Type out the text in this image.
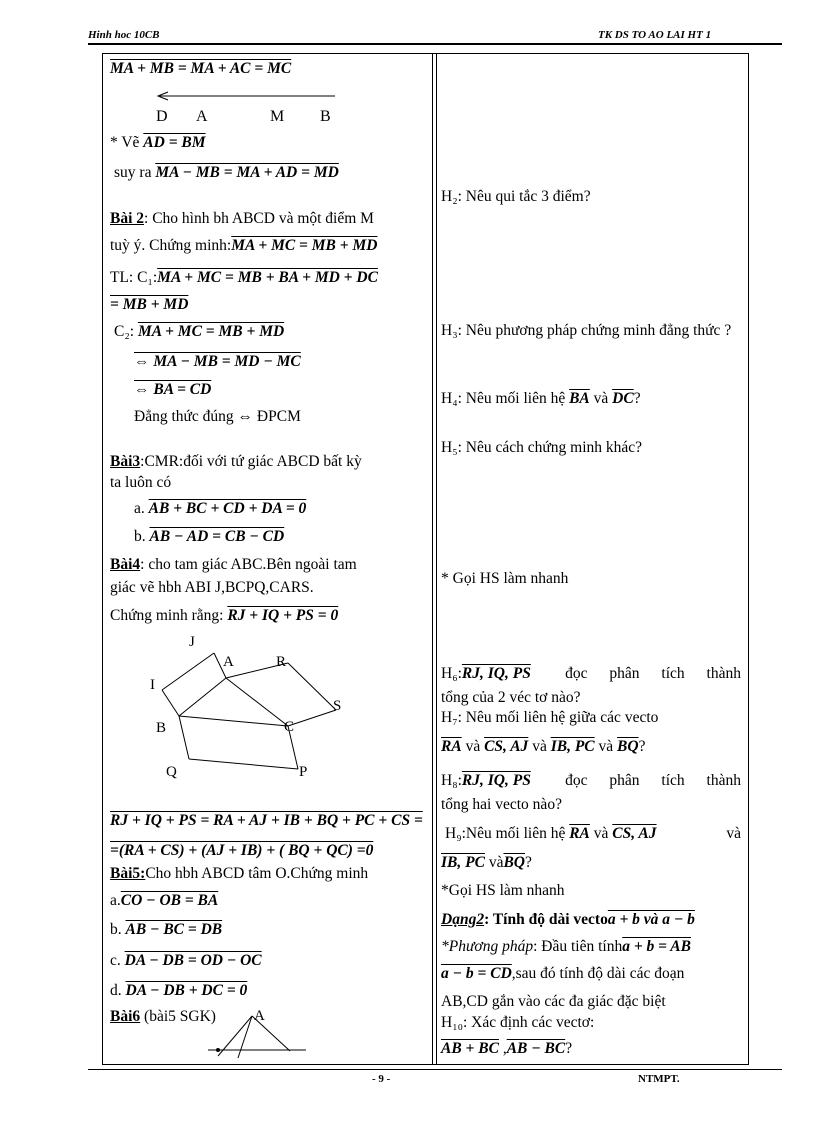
Hinh hoc 10CB	TK DS TO AO LAI HT 1
MA + MB = MA + AC = MC
D A	M B
* Vẽ AD = BM
suy ra MA − MB = MA + AD = MD
Bài 2: Cho hình bh ABCD và một điểm M
tuỳ ý. Chứng minh:MA + MC = MB + MD
TL: C₁:MA + MC = MB + BA + MD + DC
= MB + MD
C₂: MA + MC = MB + MD
⇔ MA − MB = MD − MC
⇔ BA = CD
Đẳng thức đúng ⇔ ĐPCM
Bài3:CMR:đối với tứ giác ABCD bất kỳ
ta luôn có
a. AB + BC + CD + DA = 0
b. AB − AD = CB − CD
Bài4: cho tam giác ABC.Bên ngoài tam
giác vẽ hbh ABI J,BCPQ,CARS.
Chứng minh rằng: RJ + IQ + PS = 0
J
A	R
I
S
B	C
Q	P
RJ + IQ + PS = RA + AJ + IB + BQ + PC + CS =
=(RA + CS) + (AJ + IB) + ( BQ + QC) =0
Bài5:Cho hbh ABCD tâm O.Chứng minh
a.CO − OB = BA
b. AB − BC = DB
c. DA − DB = OD − OC
d. DA − DB + DC = 0
Bài6 (bài5 SGK)	A
H₂: Nêu qui tắc 3 điểm?
H₃: Nêu phương pháp chứng minh đẳng thức ?
H₄: Nêu mối liên hệ $\overline{BA}$ và $\overline{DC}$?
H₅: Nêu cách chứng minh khác?
* Gọi HS làm nhanh
H₆:RJ, IQ, PS đọc phân tích thành
tổng của 2 véc tơ nào?
H₇: Nêu mối liên hệ giữa các vecto
$\overline{RA}$ và CS, AJ và IB, PC và $\overline{BQ}$?
H₈:RJ, IQ, PS đọc phân tích thành
tổng hai vecto nào?
H₉:Nêu mối liên hệ $\overline{RA}$ và CS, AJ	và
IB, PC $và\overline{BQ}$?
*Gọi HS làm nhanh
Dạng2: Tính độ dài vectoa + b và a − b
*Phương pháp: Đầu tiên tínha + b = AB
a − b = CD,sau đó tính độ dài các đoạn
AB,CD gắn vào các đa giác đặc biệt
H₁₀: Xác định các vectơ:
AB + BC ,AB − BC?
- 9 -	NTMPT.
